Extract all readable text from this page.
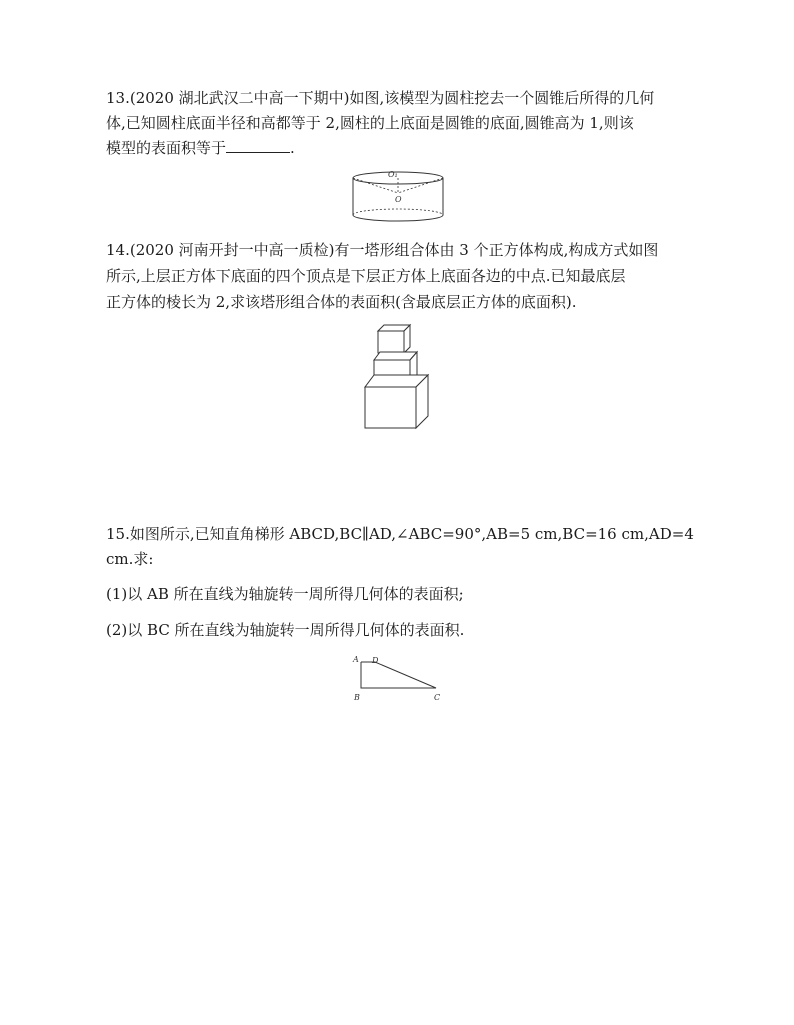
13.(2020 湖北武汉二中高一下期中)如图,该模型为圆柱挖去一个圆锥后所得的几何
体,已知圆柱底面半径和高都等于 2,圆柱的上底面是圆锥的底面,圆锥高为 1,则该
模型的表面积等于	.
O₁
O
14.(2020 河南开封一中高一质检)有一塔形组合体由 3 个正方体构成,构成方式如图
所示,上层正方体下底面的四个顶点是下层正方体上底面各边的中点.已知最底层
正方体的棱长为 2,求该塔形组合体的表面积(含最底层正方体的底面积).
15.如图所示,已知直角梯形 ABCD,BC∥AD,∠ABC=90°,AB=5 cm,BC=16 cm,AD=4
cm.求:
(1)以 AB 所在直线为轴旋转一周所得几何体的表面积;
(2)以 BC 所在直线为轴旋转一周所得几何体的表面积.
A D
B	C
